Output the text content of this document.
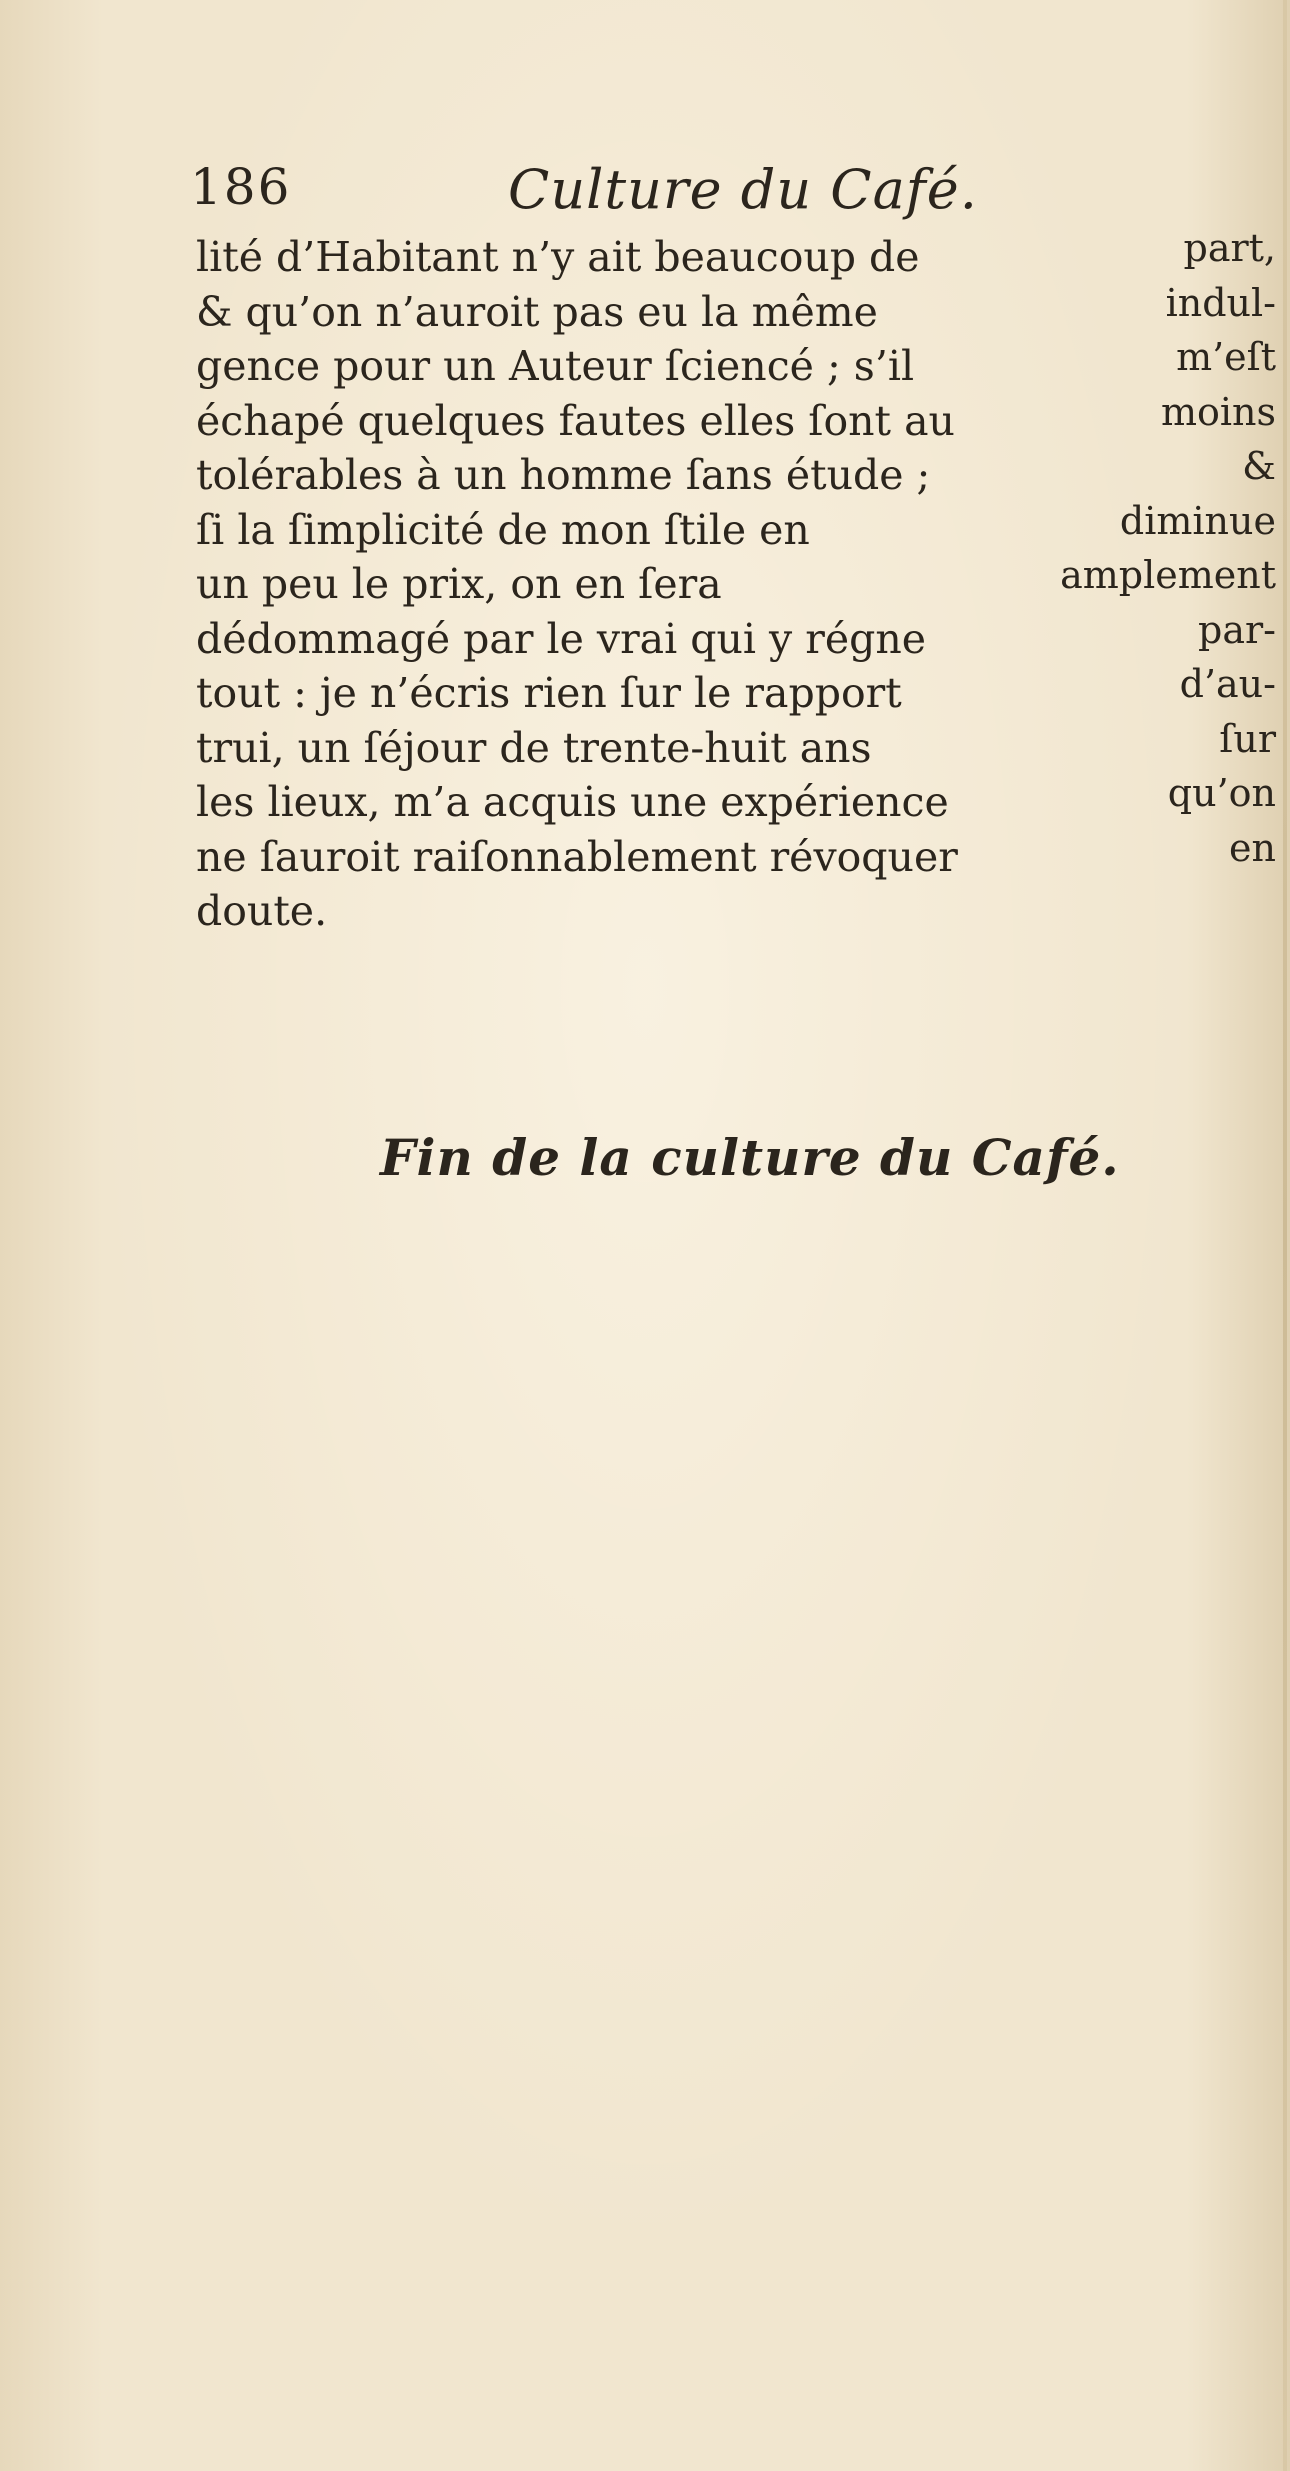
186	Culture du Café.
lité d’Habitant n’y ait beaucoup de	part,
& qu’on n’auroit pas eu la même	indul-
gence pour un Auteur ſciencé ; s’il	m’eſt
échapé quelques fautes elles ſont au	moins
tolérables à un homme ſans étude ;	&
ſi la ſimplicité de mon ſtile en	diminue
un peu le prix, on en ſera	amplement
dédommagé par le vrai qui y régne	par-
tout : je n’écris rien ſur le rapport	d’au-
trui, un ſéjour de trente-huit ans	ſur
les lieux, m’a acquis une expérience	qu’on
ne ſauroit raiſonnablement révoquer	en
doute.
Fin de la culture du Café.
